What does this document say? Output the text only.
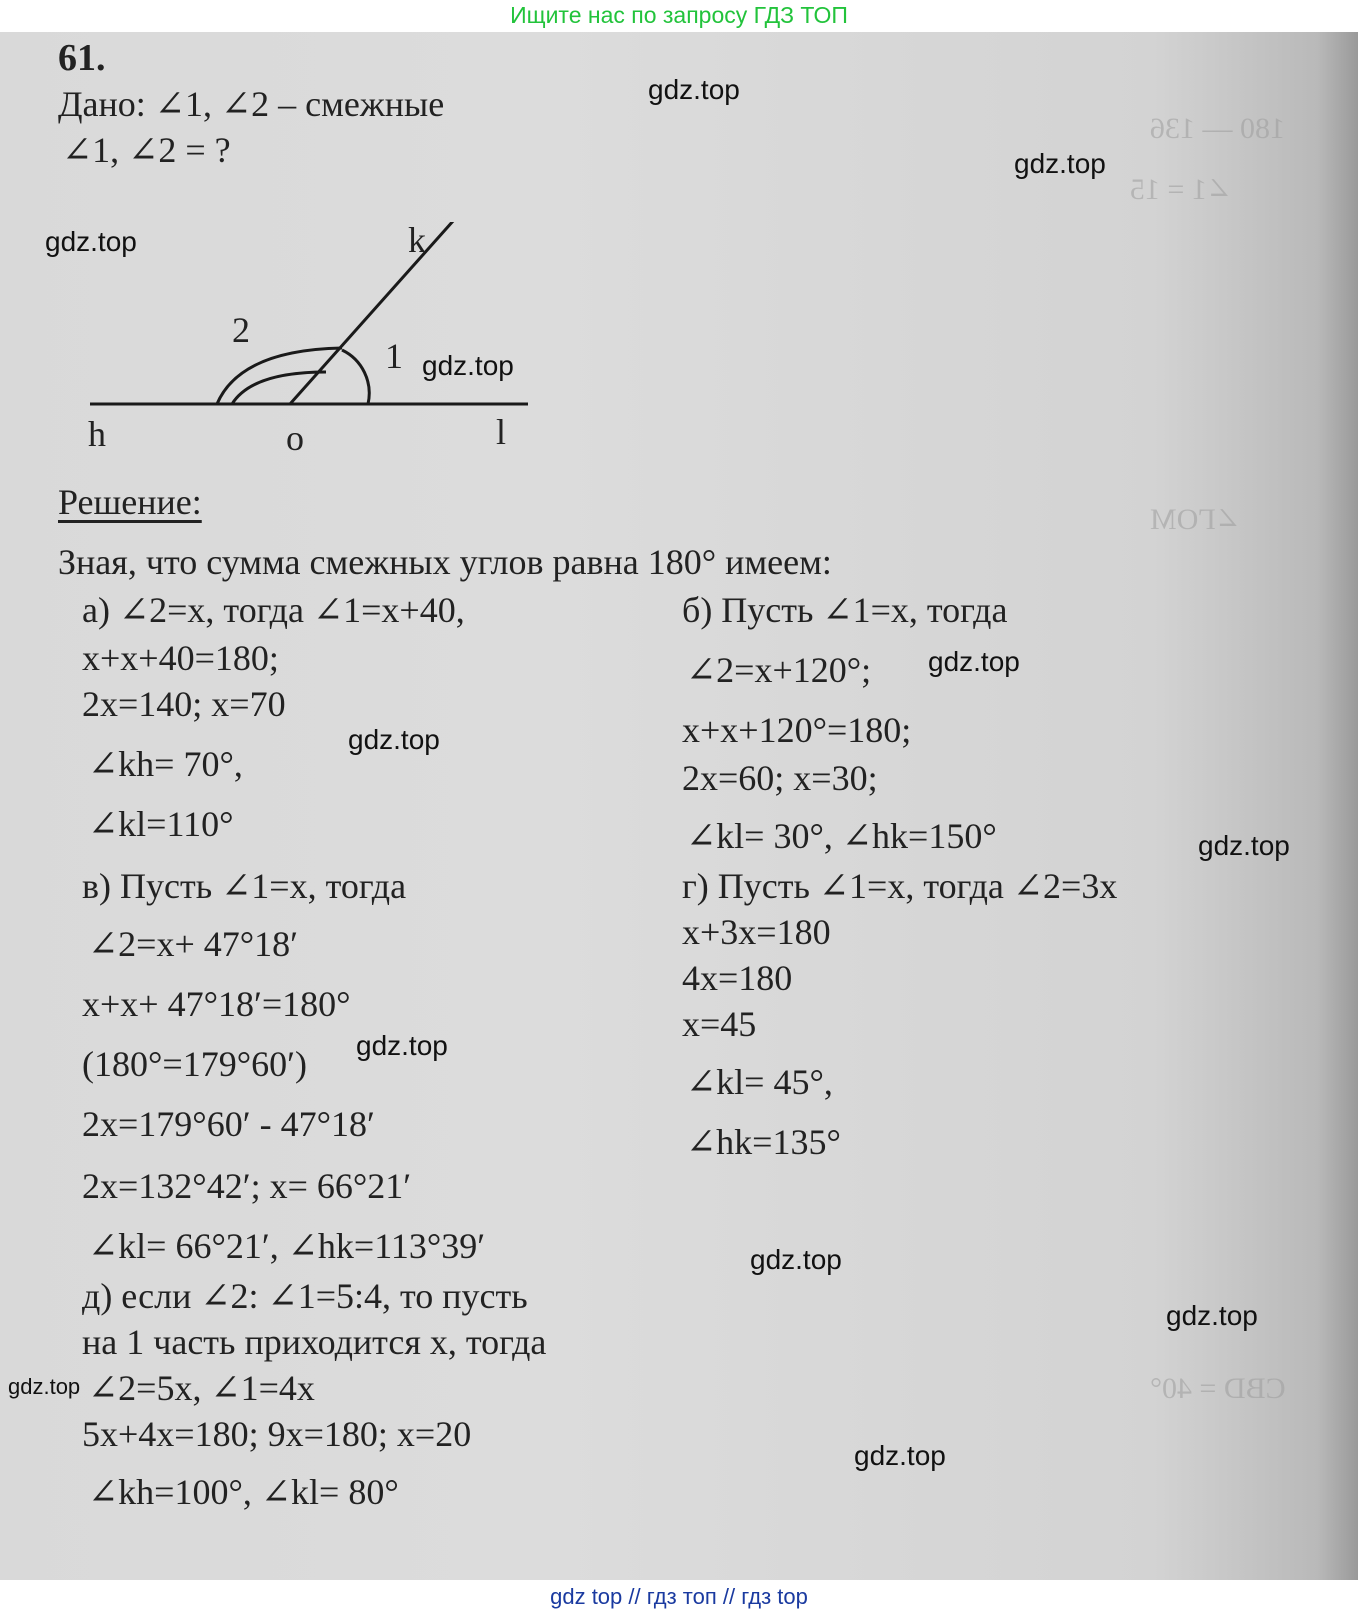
Ищите нас по запросу ГДЗ ТОП
180 — 136
∠1 = 15
∠ΓOM
CBD = 40°
61.
Дано: ∠1, ∠2 – смежные
∠1, ∠2 = ?
k
h	o	l
1
2
Решение:
Зная, что сумма смежных углов равна 180° имеем:
а) ∠2=x, тогда ∠1=x+40,
x+x+40=180;
2x=140; x=70
∠kh= 70°,
∠kl=110°
б) Пусть ∠1=x, тогда
∠2=x+120°;
x+x+120°=180;
2x=60; x=30;
∠kl= 30°, ∠hk=150°
в) Пусть ∠1=x, тогда
∠2=x+ 47°18′
x+x+ 47°18′=180°
(180°=179°60′)
2x=179°60′ - 47°18′
2x=132°42′; x= 66°21′
∠kl= 66°21′, ∠hk=113°39′
г) Пусть ∠1=x, тогда ∠2=3x
x+3x=180
4x=180
x=45
∠kl= 45°,
∠hk=135°
д) если ∠2: ∠1=5:4, то пусть
на 1 часть приходится x, тогда
∠2=5x, ∠1=4x
5x+4x=180; 9x=180; x=20
∠kh=100°, ∠kl= 80°
gdz.top
gdz.top
gdz.top
gdz.top
gdz.top
gdz.top
gdz.top
gdz.top
gdz.top
gdz.top
gdz.top
gdz.top
gdz top // гдз топ // гдз top
